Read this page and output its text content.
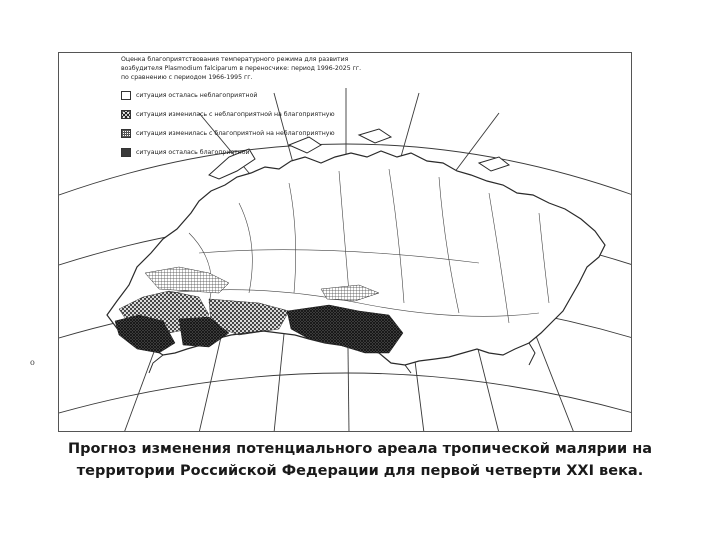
Оценка благоприятствования температурного режима для развития
возбудителя Plasmodium falciparum в переносчике: период 1996-2025 гг.
по сравнению с периодом 1966-1995 гг.
ситуация осталась неблагоприятной
ситуация изменилась с неблагоприятной на благоприятную
ситуация изменилась с благоприятной на неблагоприятную
ситуация осталась благоприятной
о
Прогноз изменения потенциального ареала тропической малярии на
территории Российской Федерации для первой четверти XXI века.
